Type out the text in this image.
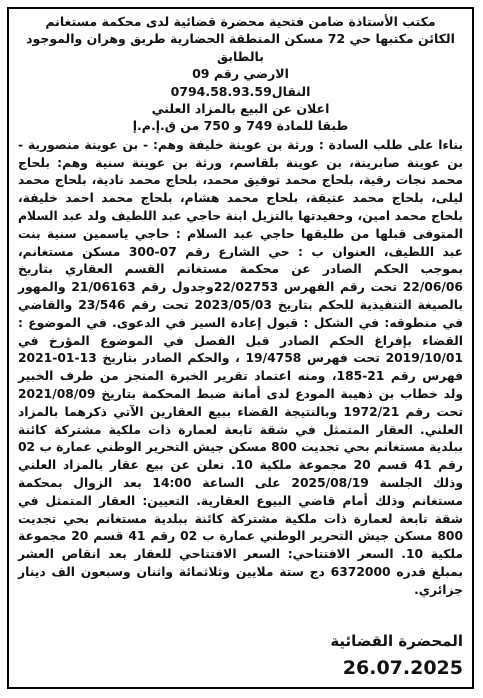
مكتب الأستاذة ضامن فتحية محضرة قضائية لدى محكمة مستغانم
الكائن مكتبها حي 72 مسكن المنطقة الحضارية طريق وهران والموجود بالطابق
الارضي رقم 09
النقال0794.58.93.59
اعلان عن البيع بالمزاد العلني
طبقا للمادة 749 و 750 من ق.إ.م.إ

بناءا على طلب السادة : ورثة بن عوينة خليفة وهم: - بن عوينة منصورية - بن عوينة صابرينة، بن عوينة بلقاسم، ورثة بن عوينة سنية وهم: بلحاج محمد نجات رقية، بلحاج محمد توفيق محمد، بلحاج محمد نادية، بلحاج محمد ليلى، بلحاج محمد عتيقة، بلحاج محمد هشام، بلحاج محمد احمد خليفة، بلحاج محمد امين، وحفيدتها بالتزيل ابنة حاجي عبد اللطيف ولد عبد السلام المتوفى قبلها من طليقها حاجي عبد السلام : حاجي ياسمين سنية بنت عبد اللطيف، العنوان ب : حي الشارع رقم 07-300 مسكن مستغانم، بموجب الحكم الصادر عن محكمة مستغانم القسم العقاري بتاريخ 22/06/06 تحت رقم الفهرس 22/02753وجدول رقم 21/06163 والمهور بالصيغة التنفيذية للحكم بتاريخ 2023/05/03 تحت رقم 23/546 والقاضي في منطوقه: في الشكل : قبول إعادة السير في الدعوى. في الموضوع : القضاء بإفراغ الحكم الصادر قبل الفصل في الموضوع المؤرخ في 2019/10/01 تحت فهرس 19/4758 ، والحكم الصادر بتاريخ 13-01-2021 فهرس رقم 21-185، ومنه اعتماد تقرير الخبرة المنجز من طرف الخبير ولد خطاب بن ذهيبة المودع لدى أمانة ضبط المحكمة بتاريخ 2021/08/09 تحت رقم 1972/21 وبالنتيجة القضاء ببيع العقارين الآتي ذكرهما بالمزاد العلني. العقار المتمثل في شقة تابعة لعمارة ذات ملكية مشتركة كائنة ببلدية مستغانم بحي تجديت 800 مسكن جيش التحرير الوطني عمارة ب 02 رقم 41 قسم 20 مجموعة ملكية 10. نعلن عن بيع عقار بالمزاد العلني وذلك الجلسة 2025/08/19 على الساعة 14:00 بعد الزوال بمحكمة مستغانم وذلك أمام قاضي البيوع العقارية. التعيين: العقار المتمثل في شقة تابعة لعمارة ذات ملكية مشتركة كائنة ببلدية مستغانم بحي تجديت 800 مسكن جيش التحرير الوطني عمارة ب 02 رقم 41 قسم 20 مجموعة ملكية 10. السعر الافتتاحي: السعر الافتتاحي للعقار بعد انقاص العشر بمبلغ قدره 6372000 دج ستة ملايين وثلاثمائة واثنان وسبعون الف دينار جزائري.

المحضرة القضائية
26.07.2025
